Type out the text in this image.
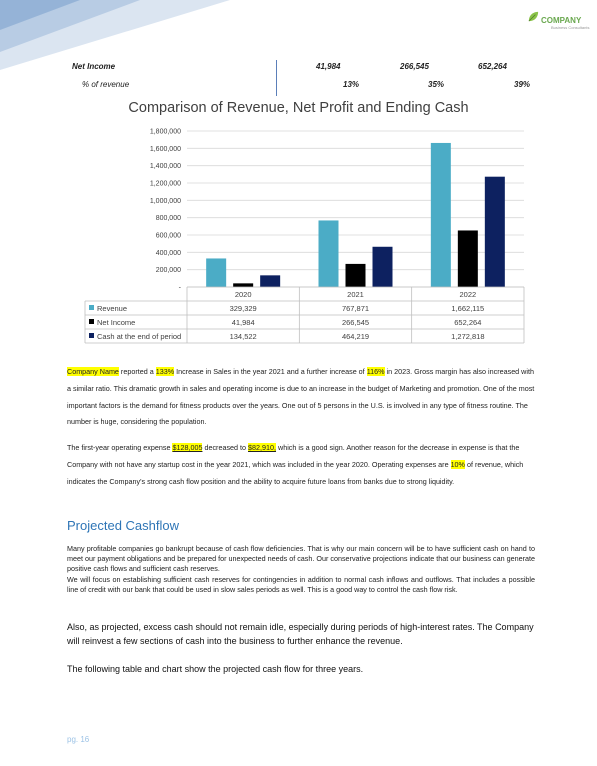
COMPANY
Business Consultants
Net Income	41,984	266,545	652,264
% of revenue	13%	35%	39%
Comparison of Revenue, Net Profit and Ending Cash
-
200,000
400,000
600,000
800,000
1,000,000
1,200,000
1,400,000
1,600,000
1,800,000
2020	2021	2022
Revenue	329,329	767,871	1,662,115
Net Income	41,984	266,545	652,264
Cash at the end of period	134,522	464,219	1,272,818

Company Name reported a 133% Increase in Sales in the year 2021 and a further increase of 116% in 2023. Gross margin has also increased with a similar ratio. This dramatic growth in sales and operating income is due to an increase in the budget of Marketing and promotion. One of the most important factors is the demand for fitness products over the years. One out of 5 persons in the U.S. is involved in any type of fitness routine. The number is huge, considering the population.

The first-year operating expense $128,005 decreased to $82,910, which is a good sign. Another reason for the decrease in expense is that the Company with not have any startup cost in the year 2021, which was included in the year 2020. Operating expenses are 10% of revenue, which indicates the Company's strong cash flow position and the ability to acquire future loans from banks due to strong liquidity.

Projected Cashflow

Many profitable companies go bankrupt because of cash flow deficiencies. That is why our main concern will be to have sufficient cash on hand to meet our payment obligations and be prepared for unexpected needs of cash. Our conservative projections indicate that our business can generate positive cash flows and sufficient cash reserves.

We will focus on establishing sufficient cash reserves for contingencies in addition to normal cash inflows and outflows. That includes a possible line of credit with our bank that could be used in slow sales periods as well. This is a good way to control the cash flow risk.

Also, as projected, excess cash should not remain idle, especially during periods of high-interest rates. The Company will reinvest a few sections of cash into the business to further enhance the revenue.

The following table and chart show the projected cash flow for three years.

pg. 16
